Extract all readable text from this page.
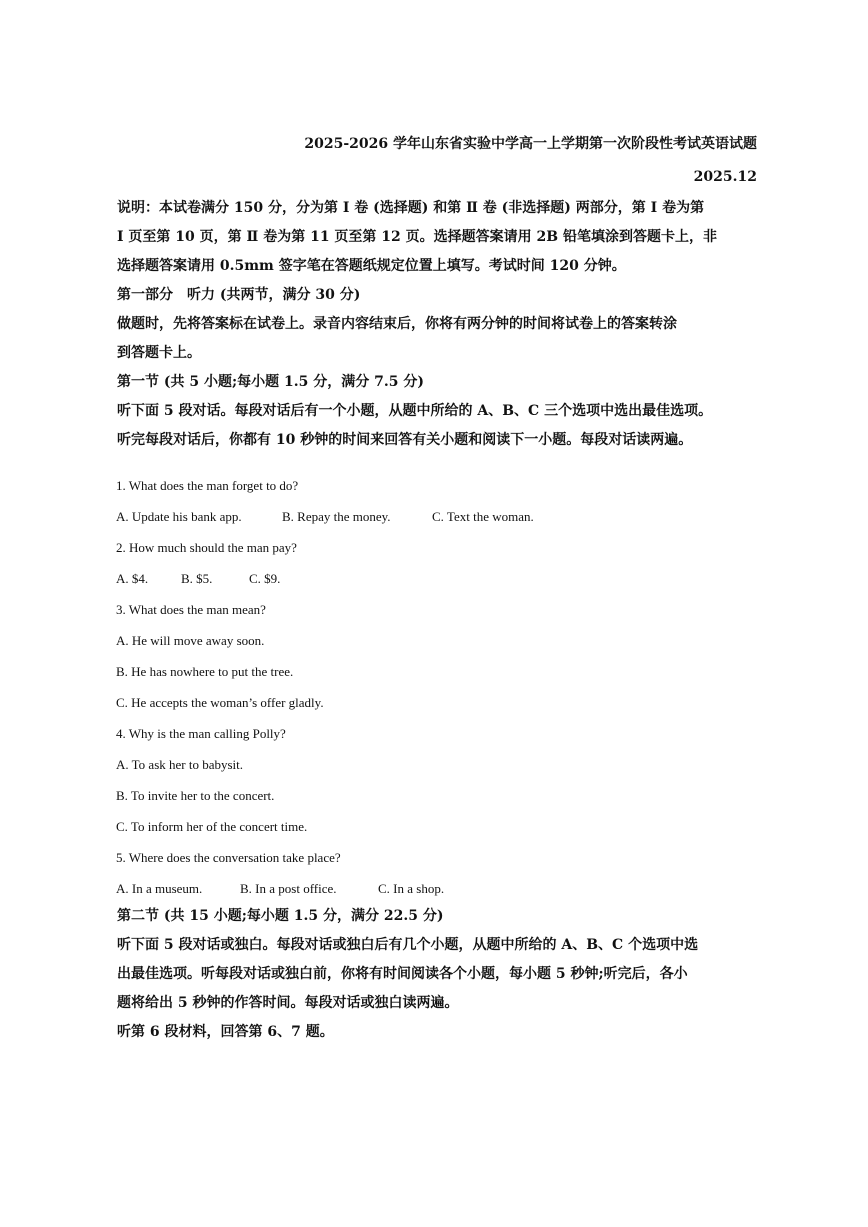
2025-2026 学年山东省实验中学高一上学期第一次阶段性考试英语试题
2025.12
说明：本试卷满分 150 分，分为第 Ⅰ 卷 (选择题) 和第 Ⅱ 卷 (非选择题) 两部分，第 Ⅰ 卷为第
Ⅰ 页至第 10 页，第 Ⅱ 卷为第 11 页至第 12 页。选择题答案请用 2B 铅笔填涂到答题卡上，非
选择题答案请用 0.5mm 签字笔在答题纸规定位置上填写。考试时间 120 分钟。
第一部分　听力 (共两节，满分 30 分)
做题时，先将答案标在试卷上。录音内容结束后，你将有两分钟的时间将试卷上的答案转涂
到答题卡上。
第一节 (共 5 小题;每小题 1.5 分，满分 7.5 分)
听下面 5 段对话。每段对话后有一个小题，从题中所给的 A、B、C 三个选项中选出最佳选项。
听完每段对话后，你都有 10 秒钟的时间来回答有关小题和阅读下一小题。每段对话读两遍。
1. What does the man forget to do?
A. Update his bank app.	B. Repay the money.	C. Text the woman.
2. How much should the man pay?
A. $4.	B. $5.	C. $9.
3. What does the man mean?
A. He will move away soon.
B. He has nowhere to put the tree.
C. He accepts the woman’s offer gladly.
4. Why is the man calling Polly?
A. To ask her to babysit.
B. To invite her to the concert.
C. To inform her of the concert time.
5. Where does the conversation take place?
A. In a museum.	B. In a post office.	C. In a shop.
第二节 (共 15 小题;每小题 1.5 分，满分 22.5 分)
听下面 5 段对话或独白。每段对话或独白后有几个小题，从题中所给的 A、B、C 个选项中选
出最佳选项。听每段对话或独白前，你将有时间阅读各个小题，每小题 5 秒钟;听完后，各小
题将给出 5 秒钟的作答时间。每段对话或独白读两遍。
听第 6 段材料，回答第 6、7 题。
